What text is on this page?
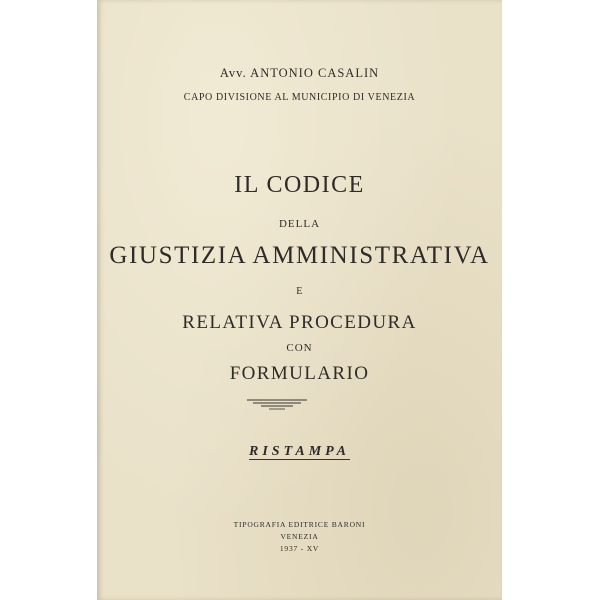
Avv. ANTONIO CASALIN
CAPO DIVISIONE AL MUNICIPIO DI VENEZIA
IL CODICE
DELLA
GIUSTIZIA AMMINISTRATIVA
E
RELATIVA PROCEDURA
CON
FORMULARIO
RISTAMPA
TIPOGRAFIA EDITRICE BARONI
VENEZIA
1937 - XV
